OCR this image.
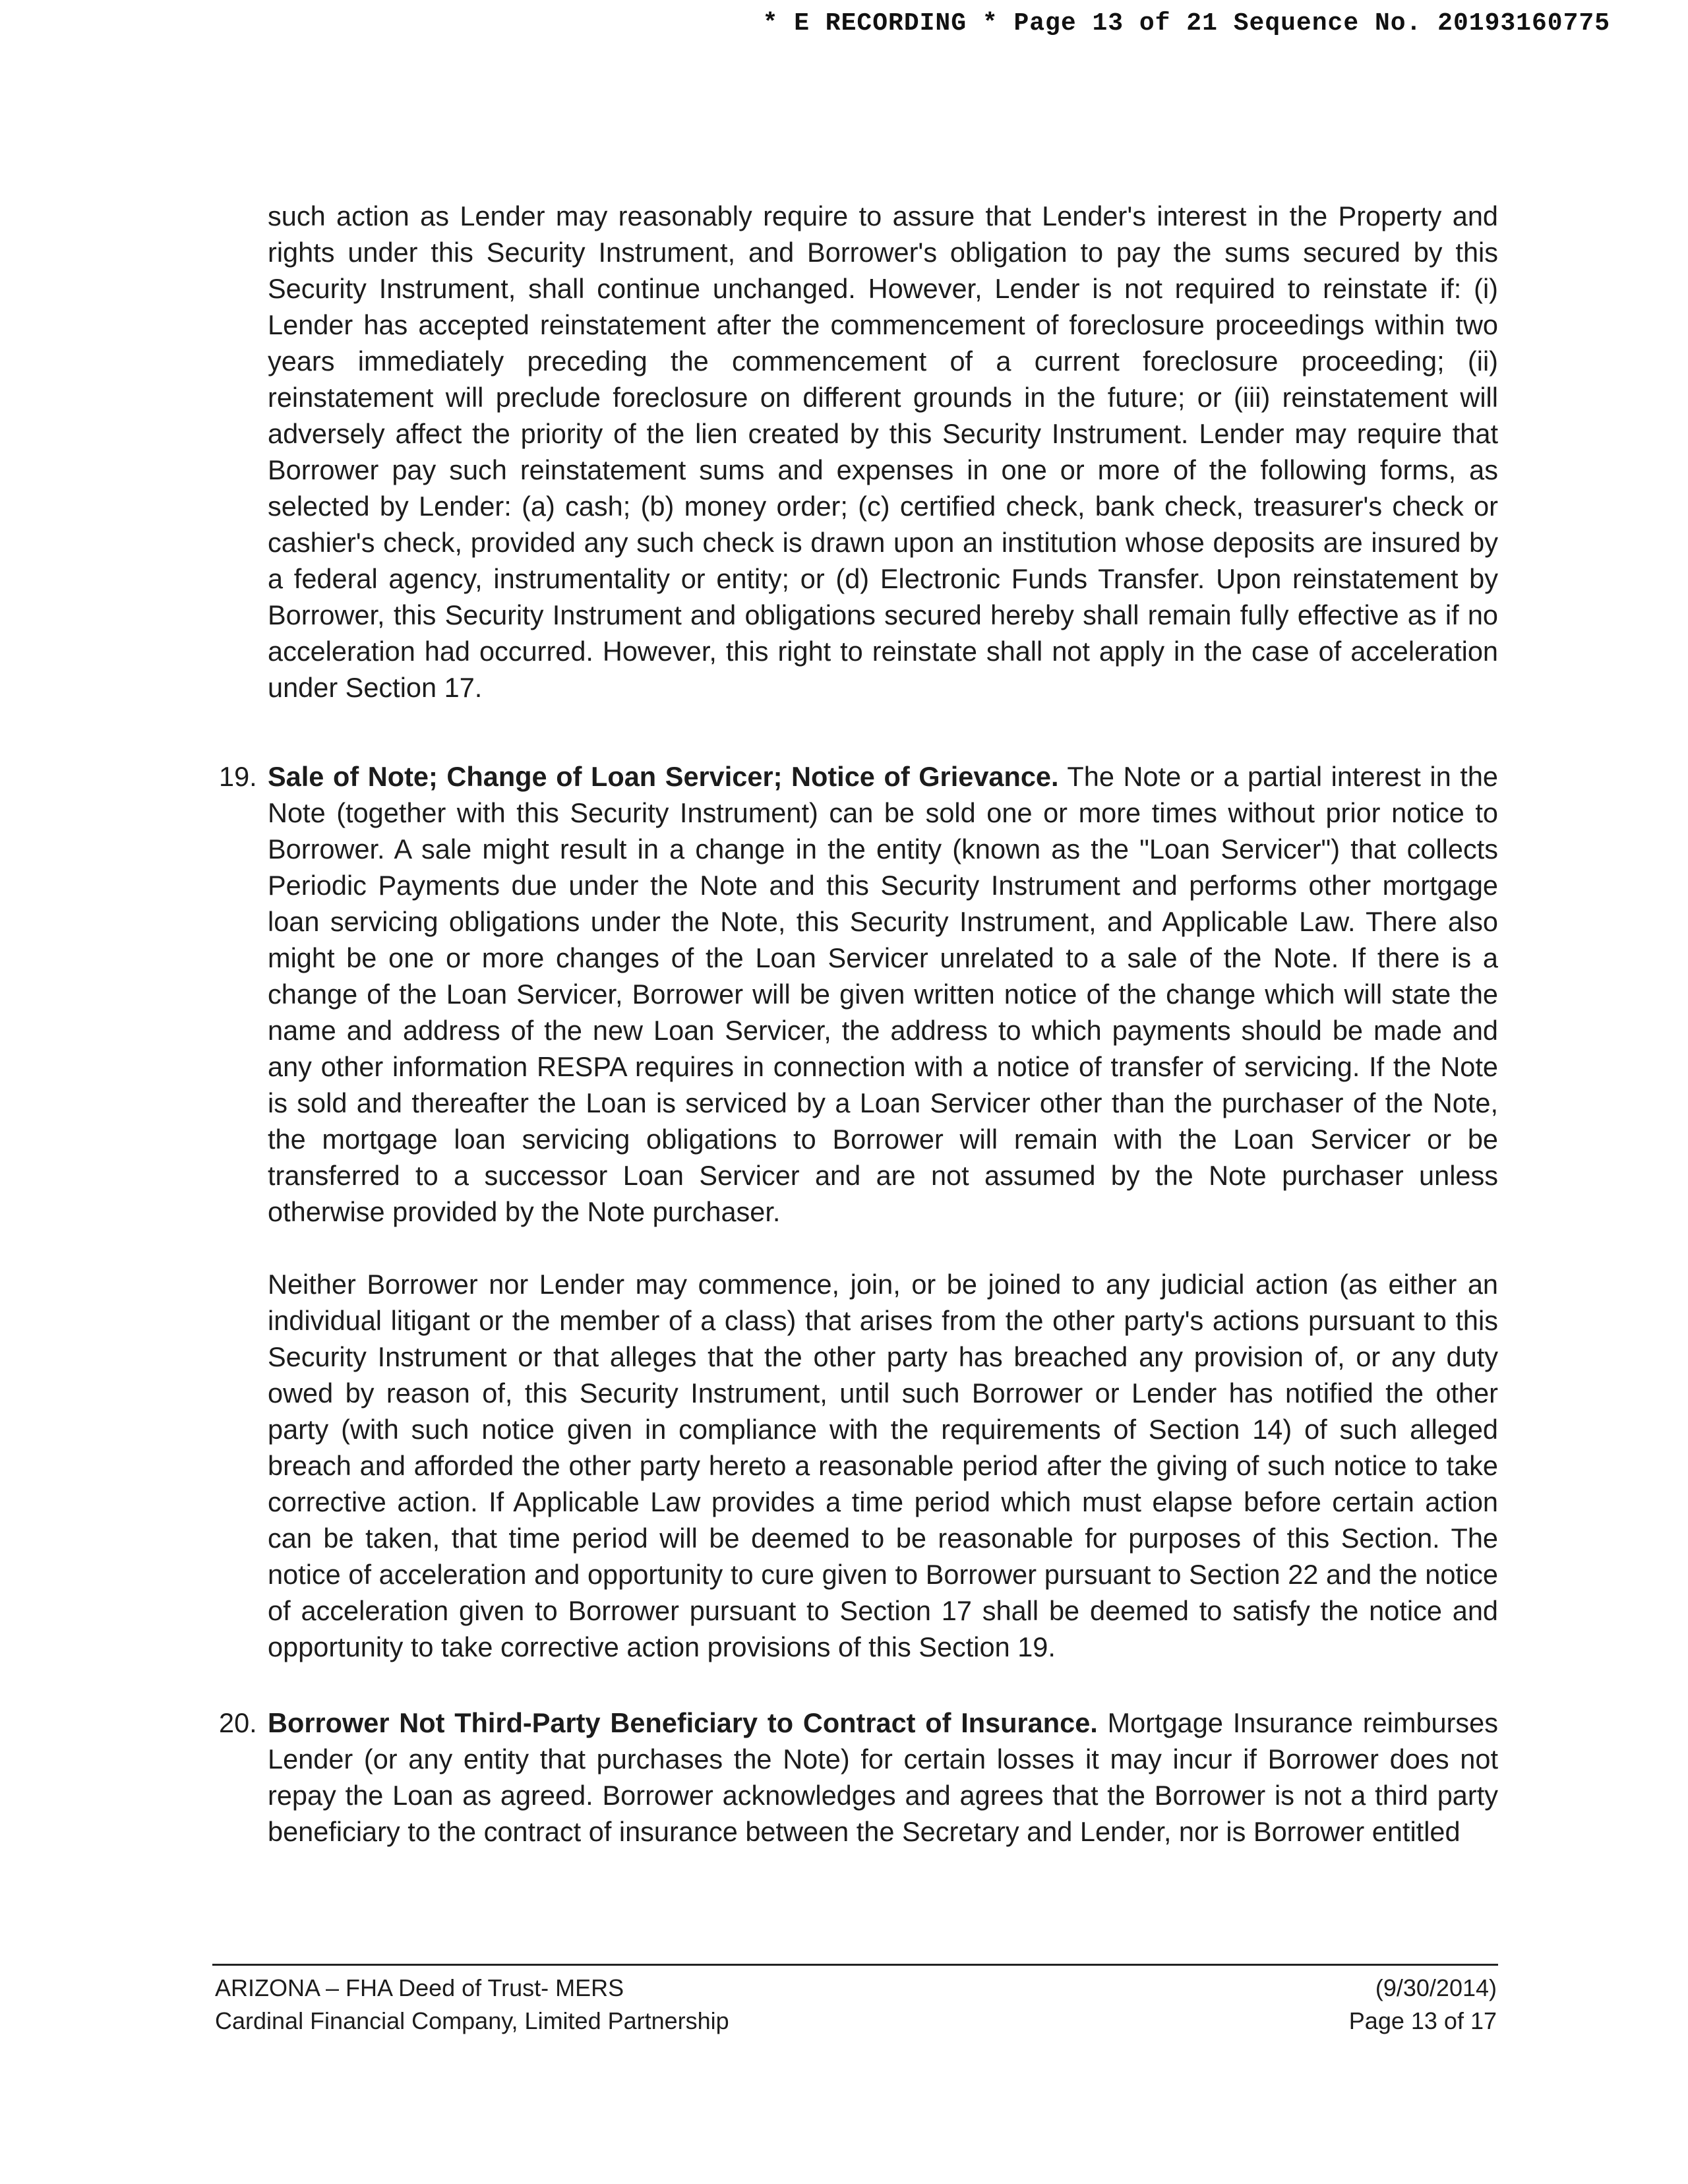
* E RECORDING * Page 13 of 21 Sequence No. 20193160775
such action as Lender may reasonably require to assure that Lender's interest in the Property and rights under this Security Instrument, and Borrower's obligation to pay the sums secured by this Security Instrument, shall continue unchanged. However, Lender is not required to reinstate if: (i) Lender has accepted reinstatement after the commencement of foreclosure proceedings within two years immediately preceding the commencement of a current foreclosure proceeding; (ii) reinstatement will preclude foreclosure on different grounds in the future; or (iii) reinstatement will adversely affect the priority of the lien created by this Security Instrument. Lender may require that Borrower pay such reinstatement sums and expenses in one or more of the following forms, as selected by Lender: (a) cash; (b) money order; (c) certified check, bank check, treasurer's check or cashier's check, provided any such check is drawn upon an institution whose deposits are insured by a federal agency, instrumentality or entity; or (d) Electronic Funds Transfer. Upon reinstatement by Borrower, this Security Instrument and obligations secured hereby shall remain fully effective as if no acceleration had occurred. However, this right to reinstate shall not apply in the case of acceleration under Section 17.
19. Sale of Note; Change of Loan Servicer; Notice of Grievance. The Note or a partial interest in the Note (together with this Security Instrument) can be sold one or more times without prior notice to Borrower. A sale might result in a change in the entity (known as the "Loan Servicer") that collects Periodic Payments due under the Note and this Security Instrument and performs other mortgage loan servicing obligations under the Note, this Security Instrument, and Applicable Law. There also might be one or more changes of the Loan Servicer unrelated to a sale of the Note. If there is a change of the Loan Servicer, Borrower will be given written notice of the change which will state the name and address of the new Loan Servicer, the address to which payments should be made and any other information RESPA requires in connection with a notice of transfer of servicing. If the Note is sold and thereafter the Loan is serviced by a Loan Servicer other than the purchaser of the Note, the mortgage loan servicing obligations to Borrower will remain with the Loan Servicer or be transferred to a successor Loan Servicer and are not assumed by the Note purchaser unless otherwise provided by the Note purchaser.
Neither Borrower nor Lender may commence, join, or be joined to any judicial action (as either an individual litigant or the member of a class) that arises from the other party's actions pursuant to this Security Instrument or that alleges that the other party has breached any provision of, or any duty owed by reason of, this Security Instrument, until such Borrower or Lender has notified the other party (with such notice given in compliance with the requirements of Section 14) of such alleged breach and afforded the other party hereto a reasonable period after the giving of such notice to take corrective action. If Applicable Law provides a time period which must elapse before certain action can be taken, that time period will be deemed to be reasonable for purposes of this Section. The notice of acceleration and opportunity to cure given to Borrower pursuant to Section 22 and the notice of acceleration given to Borrower pursuant to Section 17 shall be deemed to satisfy the notice and opportunity to take corrective action provisions of this Section 19.
20. Borrower Not Third-Party Beneficiary to Contract of Insurance. Mortgage Insurance reimburses Lender (or any entity that purchases the Note) for certain losses it may incur if Borrower does not repay the Loan as agreed. Borrower acknowledges and agrees that the Borrower is not a third party beneficiary to the contract of insurance between the Secretary and Lender, nor is Borrower entitled
ARIZONA – FHA Deed of Trust- MERS
Cardinal Financial Company, Limited Partnership
(9/30/2014)
Page 13 of 17
